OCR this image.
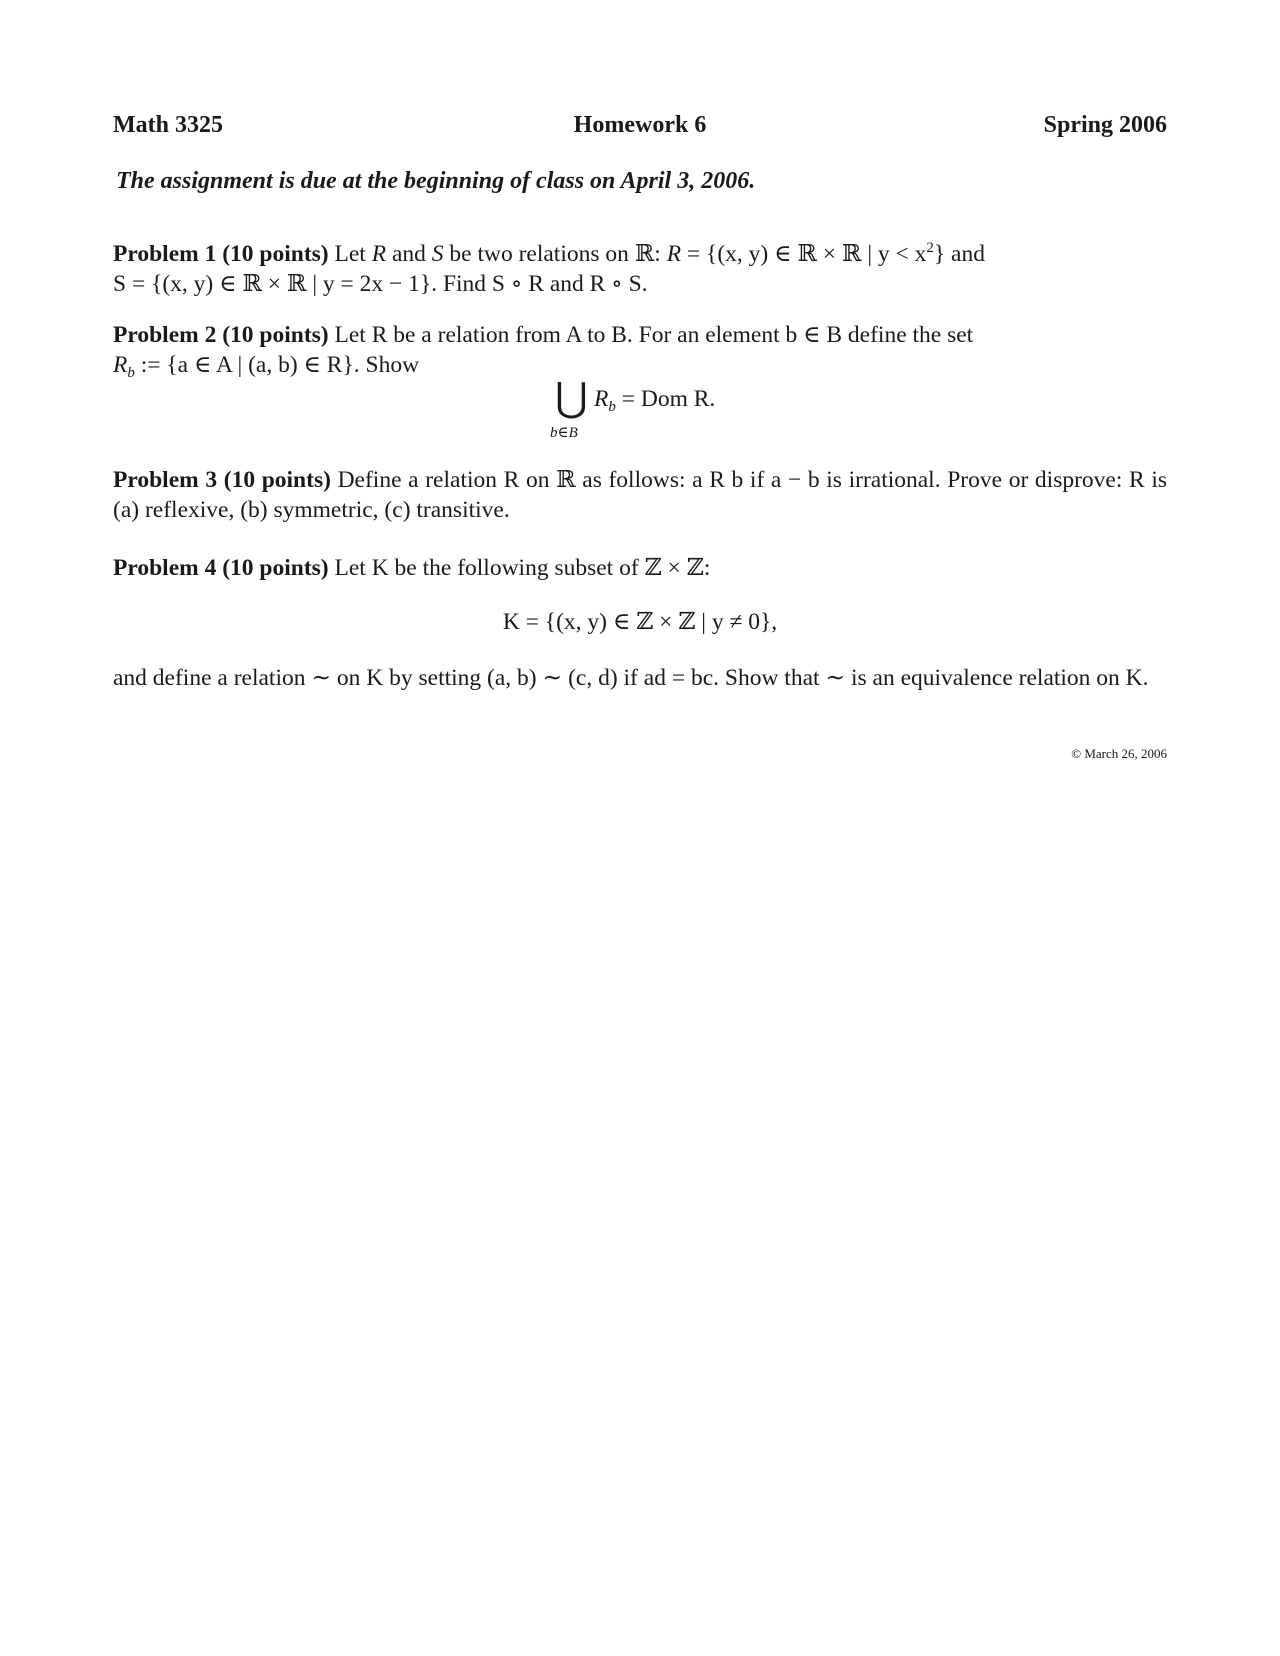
Math 3325	Homework 6	Spring 2006
The assignment is due at the beginning of class on April 3, 2006.
Problem 1 (10 points) Let R and S be two relations on ℝ: R = {(x, y) ∈ ℝ × ℝ | $y < x^2$} and
S = {(x, y) ∈ ℝ × ℝ | y = 2x − 1}. Find S ∘ R and R ∘ S.
Problem 2 (10 points) Let R be a relation from A to B. For an element b ∈ B define the set
$R_b$ := {a ∈ A | (a, b) ∈ R}. Show
⋃
b∈B
$R_b$ = Dom R.
Problem 3 (10 points) Define a relation R on ℝ as follows: a R b if a − b is irrational. Prove or disprove: R is (a) reflexive, (b) symmetric, (c) transitive.
Problem 4 (10 points) Let K be the following subset of ℤ × ℤ:
K = {(x, y) ∈ ℤ × ℤ | y ≠ 0},
and define a relation ∼ on K by setting (a, b) ∼ (c, d) if ad = bc. Show that ∼ is an equivalence relation on K.
© March 26, 2006
